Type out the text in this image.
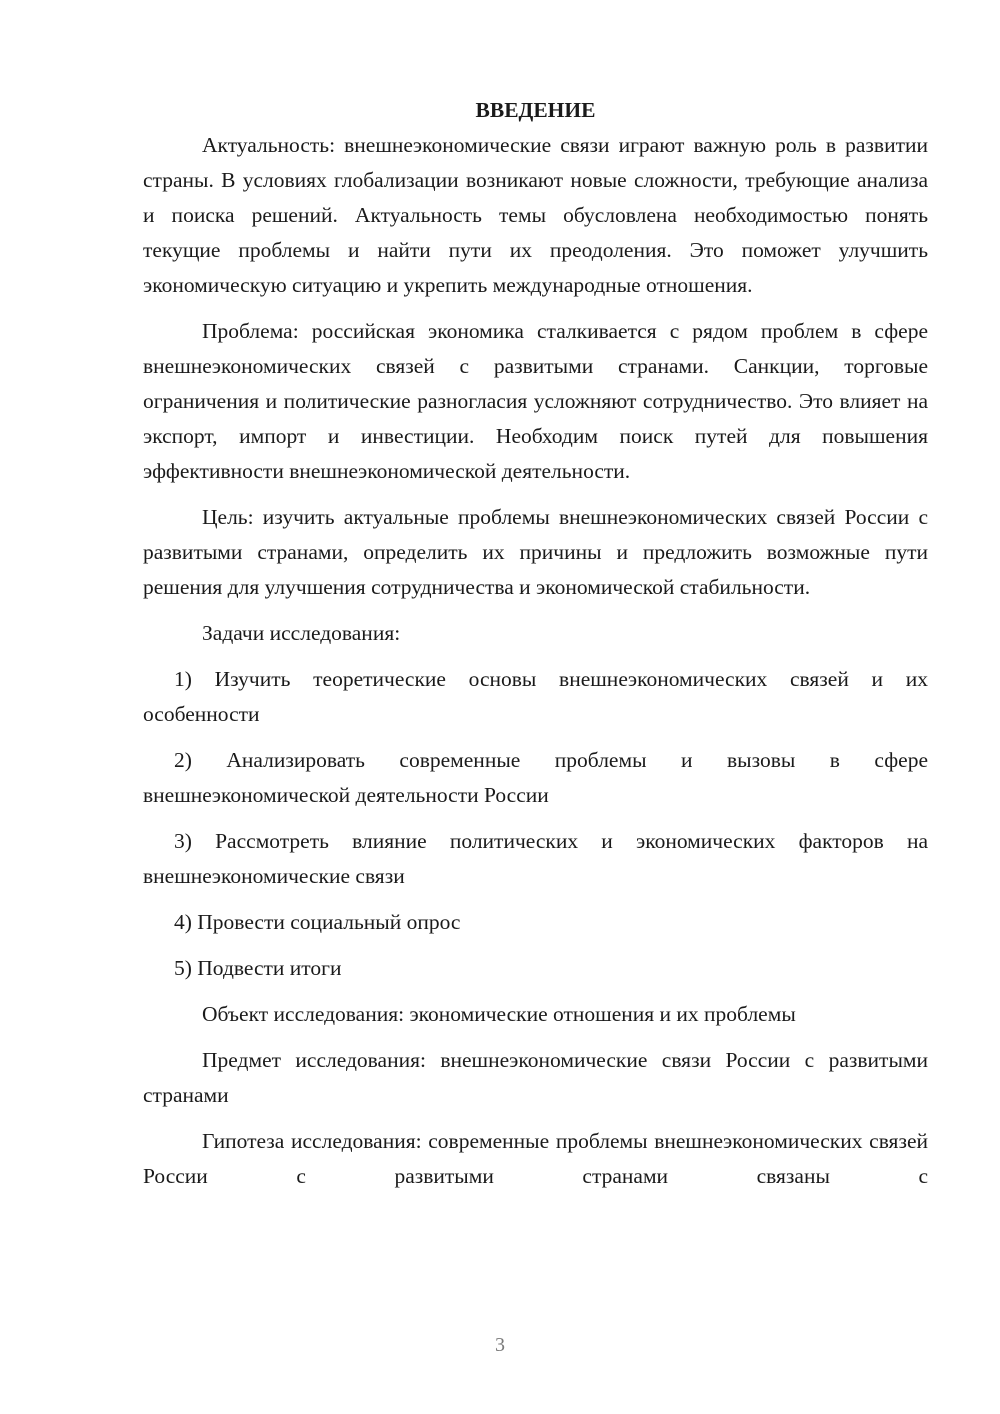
ВВЕДЕНИЕ

Актуальность: внешнеэкономические связи играют важную роль в развитии страны. В условиях глобализации возникают новые сложности, требующие анализа и поиска решений. Актуальность темы обусловлена необходимостью понять текущие проблемы и найти пути их преодоления. Это поможет улучшить экономическую ситуацию и укрепить международные отношения.

Проблема: российская экономика сталкивается с рядом проблем в сфере внешнеэкономических связей с развитыми странами. Санкции, торговые ограничения и политические разногласия усложняют сотрудничество. Это влияет на экспорт, импорт и инвестиции. Необходим поиск путей для повышения эффективности внешнеэкономической деятельности.

Цель: изучить актуальные проблемы внешнеэкономических связей России с развитыми странами, определить их причины и предложить возможные пути решения для улучшения сотрудничества и экономической стабильности.

Задачи исследования:

1) Изучить теоретические основы внешнеэкономических связей и их особенности

2) Анализировать современные проблемы и вызовы в сфере внешнеэкономической деятельности России

3) Рассмотреть влияние политических и экономических факторов на внешнеэкономические связи

4) Провести социальный опрос

5) Подвести итоги

Объект исследования: экономические отношения и их проблемы

Предмет исследования: внешнеэкономические связи России с развитыми странами

Гипотеза исследования: современные проблемы внешнеэкономических связей России с развитыми странами связаны с

3
